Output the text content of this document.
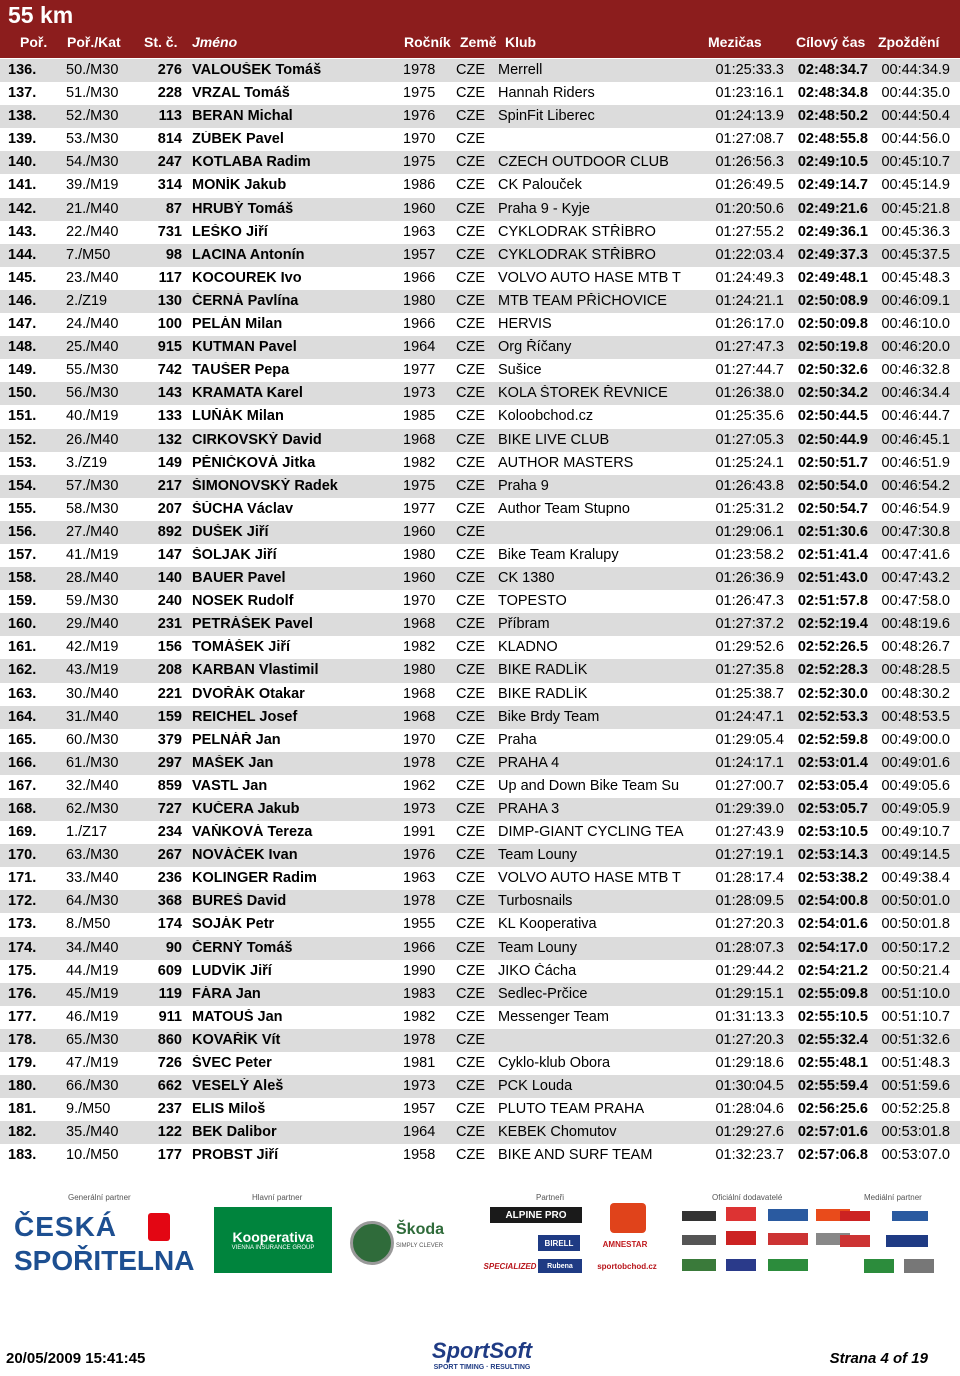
55 km
Poř. Poř./Kat St. č. Jméno	Ročník Země Klub	Mezičas Cílový čas Zpoždění
136.	50./M30	276 VALOUŠEK Tomáš	1978	CZE Merrell	01:25:33.3 02:48:34.7 00:44:34.9
137.	51./M30	228 VRZAL Tomáš	1975	CZE Hannah Riders	01:23:16.1 02:48:34.8 00:44:35.0
138.	52./M30	113 BERAN Michal	1976	CZE SpinFit Liberec	01:24:13.9 02:48:50.2 00:44:50.4
139.	53./M30	814 ZÚBEK Pavel	1970	CZE	01:27:08.7 02:48:55.8 00:44:56.0
140.	54./M30	247 KOTLABA Radim	1975	CZE CZECH OUTDOOR CLUB	01:26:56.3 02:49:10.5 00:45:10.7
141.	39./M19	314 MONÍK Jakub	1986	CZE CK Palouček	01:26:49.5 02:49:14.7 00:45:14.9
142.	21./M40	87 HRUBÝ Tomáš	1960	CZE Praha 9 - Kyje	01:20:50.6 02:49:21.6 00:45:21.8
143.	22./M40	731 LEŠKO Jiří	1963	CZE CYKLODRAK STŘÍBRO	01:27:55.2 02:49:36.1 00:45:36.3
144.	7./M50	98 LACINA Antonín	1957	CZE CYKLODRAK STŘÍBRO	01:22:03.4 02:49:37.3 00:45:37.5
145.	23./M40	117 KOCOUREK Ivo	1966	CZE VOLVO AUTO HASE MTB T	01:24:49.3 02:49:48.1 00:45:48.3
146.	2./Z19	130 ČERNÁ Pavlína	1980	CZE MTB TEAM PŘÍCHOVICE	01:24:21.1 02:50:08.9 00:46:09.1
147.	24./M40	100 PELÁN Milan	1966	CZE HERVIS	01:26:17.0 02:50:09.8 00:46:10.0
148.	25./M40	915 KUTMAN Pavel	1964	CZE Org Říčany	01:27:47.3 02:50:19.8 00:46:20.0
149.	55./M30	742 TAUŠER Pepa	1977	CZE Sušice	01:27:44.7 02:50:32.6 00:46:32.8
150.	56./M30	143 KRAMATA Karel	1973	CZE KOLA ŠTOREK ŘEVNICE	01:26:38.0 02:50:34.2 00:46:34.4
151.	40./M19	133 LUŇÁK Milan	1985	CZE Koloobchod.cz	01:25:35.6 02:50:44.5 00:46:44.7
152.	26./M40	132 CIRKOVSKÝ David	1968	CZE BIKE LIVE CLUB	01:27:05.3 02:50:44.9 00:46:45.1
153.	3./Z19	149 PĚNIČKOVÁ Jitka	1982	CZE AUTHOR MASTERS	01:25:24.1 02:50:51.7 00:46:51.9
154.	57./M30	217 ŠIMONOVSKÝ Radek	1975	CZE Praha 9	01:26:43.8 02:50:54.0 00:46:54.2
155.	58./M30	207 ŠŮCHA Václav	1977	CZE Author Team Stupno	01:25:31.2 02:50:54.7 00:46:54.9
156.	27./M40	892 DUŠEK Jiří	1960	CZE	01:29:06.1 02:51:30.6 00:47:30.8
157.	41./M19	147 ŠOLJAK Jiří	1980	CZE Bike Team Kralupy	01:23:58.2 02:51:41.4 00:47:41.6
158.	28./M40	140 BAUER Pavel	1960	CZE CK 1380	01:26:36.9 02:51:43.0 00:47:43.2
159.	59./M30	240 NOSEK Rudolf	1970	CZE TOPESTO	01:26:47.3 02:51:57.8 00:47:58.0
160.	29./M40	231 PETRÁŠEK Pavel	1968	CZE Příbram	01:27:37.2 02:52:19.4 00:48:19.6
161.	42./M19	156 TOMÁŠEK Jiří	1982	CZE KLADNO	01:29:52.6 02:52:26.5 00:48:26.7
162.	43./M19	208 KARBAN Vlastimil	1980	CZE BIKE RADLÍK	01:27:35.8 02:52:28.3 00:48:28.5
163.	30./M40	221 DVOŘÁK Otakar	1968	CZE BIKE RADLÍK	01:25:38.7 02:52:30.0 00:48:30.2
164.	31./M40	159 REICHEL Josef	1968	CZE Bike Brdy Team	01:24:47.1 02:52:53.3 00:48:53.5
165.	60./M30	379 PELNÁŘ Jan	1970	CZE Praha	01:29:05.4 02:52:59.8 00:49:00.0
166.	61./M30	297 MAŠEK Jan	1978	CZE PRAHA 4	01:24:17.1 02:53:01.4 00:49:01.6
167.	32./M40	859 VASTL Jan	1962	CZE Up and Down Bike Team Su	01:27:00.7 02:53:05.4 00:49:05.6
168.	62./M30	727 KUČERA Jakub	1973	CZE PRAHA 3	01:29:39.0 02:53:05.7 00:49:05.9
169.	1./Z17	234 VAŇKOVÁ Tereza	1991	CZE DIMP-GIANT CYCLING TEA	01:27:43.9 02:53:10.5 00:49:10.7
170.	63./M30	267 NOVÁČEK Ivan	1976	CZE Team Louny	01:27:19.1 02:53:14.3 00:49:14.5
171.	33./M40	236 KOLINGER Radim	1963	CZE VOLVO AUTO HASE MTB T	01:28:17.4 02:53:38.2 00:49:38.4
172.	64./M30	368 BUREŠ David	1978	CZE Turbosnails	01:28:09.5 02:54:00.8 00:50:01.0
173.	8./M50	174 SOJÁK Petr	1955	CZE KL Kooperativa	01:27:20.3 02:54:01.6 00:50:01.8
174.	34./M40	90 ČERNÝ Tomáš	1966	CZE Team Louny	01:28:07.3 02:54:17.0 00:50:17.2
175.	44./M19	609 LUDVÍK Jiří	1990	CZE JIKO Čácha	01:29:44.2 02:54:21.2 00:50:21.4
176.	45./M19	119 FÁRA Jan	1983	CZE Sedlec-Prčice	01:29:15.1 02:55:09.8 00:51:10.0
177.	46./M19	911 MATOUŠ Jan	1982	CZE Messenger Team	01:31:13.3 02:55:10.5 00:51:10.7
178.	65./M30	860 KOVAŘÍK Vít	1978	CZE	01:27:20.3 02:55:32.4 00:51:32.6
179.	47./M19	726 ŠVEC Peter	1981	CZE Cyklo-klub Obora	01:29:18.6 02:55:48.1 00:51:48.3
180.	66./M30	662 VESELÝ Aleš	1973	CZE PCK Louda	01:30:04.5 02:55:59.4 00:51:59.6
181.	9./M50	237 ELIS Miloš	1957	CZE PLUTO TEAM PRAHA	01:28:04.6 02:56:25.6 00:52:25.8
182.	35./M40	122 BEK Dalibor	1964	CZE KEBEK Chomutov	01:29:27.6 02:57:01.6 00:53:01.8
183.	10./M50	177 PROBST Jiří	1958	CZE BIKE AND SURF TEAM	01:32:23.7 02:57:06.8 00:53:07.0
Generální partner	Hlavní partner	Partneři	Oficiální dodavatelé	Mediální partner
ČESKÁ
SPOŘITELNA
Kooperativa
VIENNA INSURANCE GROUP
Škoda
SIMPLY CLEVER
ALPINE PRO
BIRELL	AMNESTAR
SPECIALIZED	Rubena	sportobchod.cz
20/05/2009 15:41:45	SportSoft
SPORT TIMING · RESULTING
Strana 4 of 19
